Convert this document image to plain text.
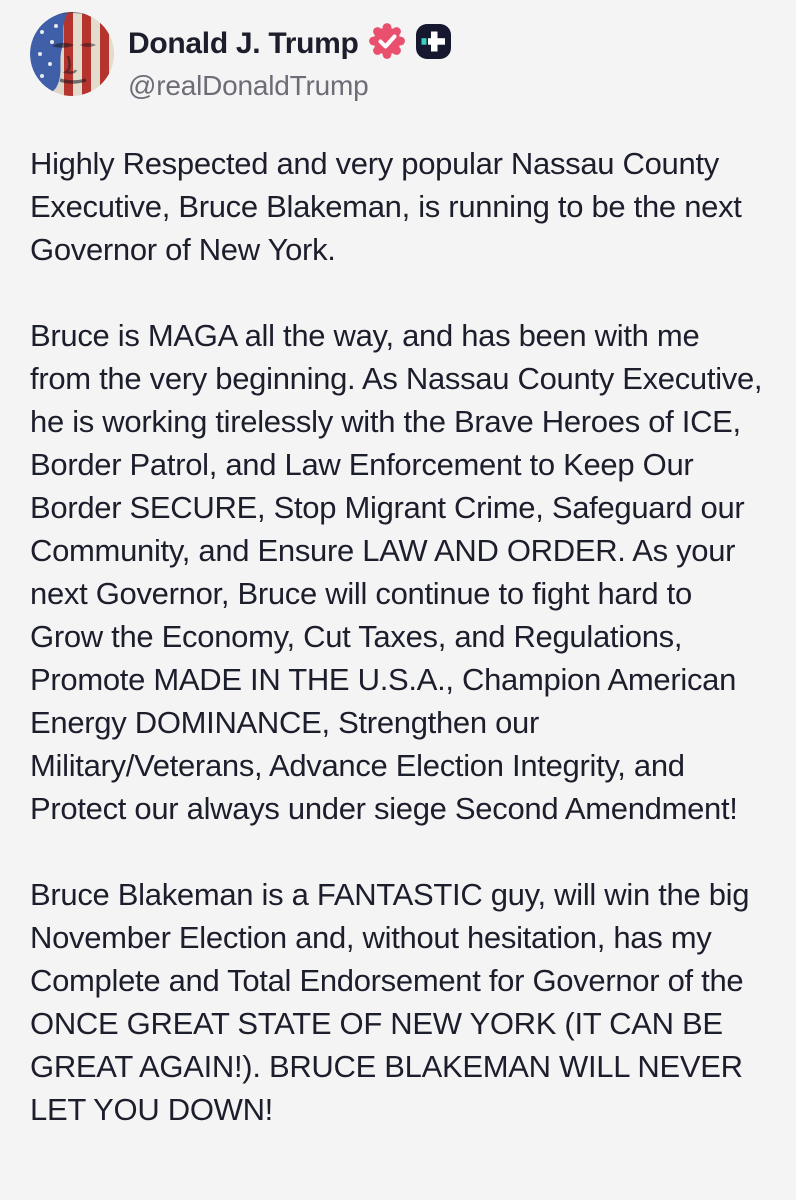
Donald J. Trump
@realDonaldTrump

Highly Respected and very popular Nassau County Executive, Bruce Blakeman, is running to be the next Governor of New York.

Bruce is MAGA all the way, and has been with me from the very beginning. As Nassau County Executive, he is working tirelessly with the Brave Heroes of ICE, Border Patrol, and Law Enforcement to Keep Our Border SECURE, Stop Migrant Crime, Safeguard our Community, and Ensure LAW AND ORDER. As your next Governor, Bruce will continue to fight hard to Grow the Economy, Cut Taxes, and Regulations, Promote MADE IN THE U.S.A., Champion American Energy DOMINANCE, Strengthen our Military/Veterans, Advance Election Integrity, and Protect our always under siege Second Amendment!

Bruce Blakeman is a FANTASTIC guy, will win the big November Election and, without hesitation, has my Complete and Total Endorsement for Governor of the ONCE GREAT STATE OF NEW YORK (IT CAN BE GREAT AGAIN!). BRUCE BLAKEMAN WILL NEVER LET YOU DOWN!
